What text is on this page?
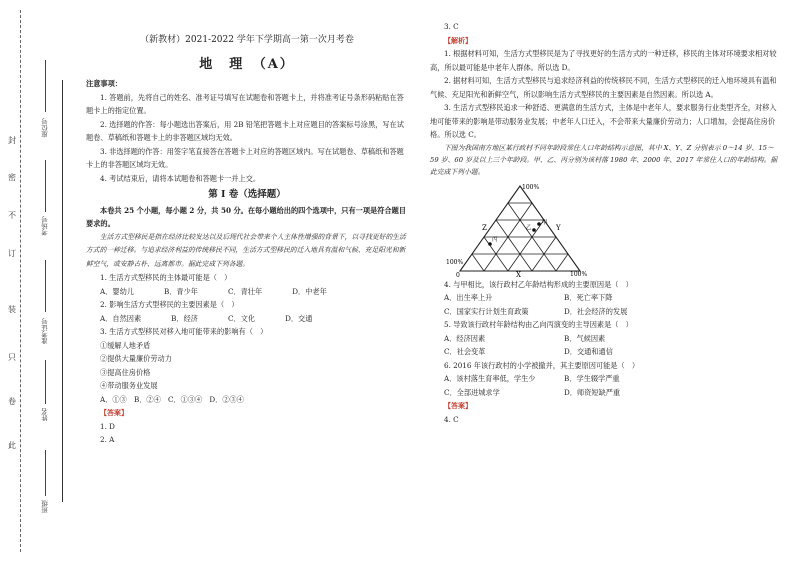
封
密
不
订
装
只
卷
此
座位号
考场号
准考证号
姓名
班级
（新教材）2021-2022 学年下学期高一第一次月考卷
地　理　（A）
注意事项：
1. 答题前，先将自己的姓名、准考证号填写在试题卷和答题卡上，并将准考证号条形码粘贴在答题卡上的指定位置。
2. 选择题的作答：每小题选出答案后，用 2B 铅笔把答题卡上对应题目的答案标号涂黑，写在试题卷、草稿纸和答题卡上的非答题区域均无效。
3. 非选择题的作答：用签字笔直接答在答题卡上对应的答题区域内。写在试题卷、草稿纸和答题卡上的非答题区域均无效。
4. 考试结束后，请将本试题卷和答题卡一并上交。
第 Ⅰ 卷（选择题）
本卷共 25 个小题，每小题 2 分，共 50 分。在每小题给出的四个选项中，只有一项是符合题目要求的。
生活方式型移民是指在经济比较发达以及后现代社会带来个人主体性增强的背景下，以寻找更好的生活方式的一种迁移。与追求经济利益的传统移民不同，生活方式型移民的迁入地具有温和气候、充足阳光和新鲜空气，或安静古朴、远离都市。据此完成下列各题。
1. 生活方式型移民的主体最可能是（　）
A．婴幼儿	B．青少年	C．青壮年	D．中老年
2. 影响生活方式型移民的主要因素是（　）
A．自然因素	B．经济	C．文化	D．交通
3. 生活方式型移民对移入地可能带来的影响有（　）
①缓解人地矛盾
②提供大量廉价劳动力
③提高住房价格
④带动服务业发展
A．①③　B．②④　C．①③④　D．②③④
【答案】
1. D
2. A
3. C
【解析】
1. 根据材料可知，生活方式型移民是为了寻找更好的生活方式的一种迁移，移民的主体对环境要求相对较高，所以最可能是中老年人群体。所以选 D。
2. 据材料可知，生活方式型移民与追求经济利益的传统移民不同，生活方式型移民的迁入地环境具有温和气候、充足阳光和新鲜空气，所以影响生活方式型移民的主要因素是自然因素。所以选 A。
3. 生活方式型移民追求一种舒适、更满意的生活方式，主体是中老年人，要求服务行业类型齐全，对移入地可能带来的影响是带动服务业发展；中老年人口迁入，不会带来大量廉价劳动力；人口增加，会提高住房价格。所以选 C。
下图为我国南方地区某行政村不同年龄段常住人口年龄结构示意图，其中 X、Y、Z 分别表示 0～14 岁、15～59 岁、60 岁及以上三个年龄段。甲、乙、丙分别为该村落 1980 年、2000 年、2017 年常住人口的年龄结构。据此完成下列小题。
100%
100%
100%
0	X
Y
Z
甲
乙
丙
4. 与甲相比，该行政村乙年龄结构形成的主要原因是（　）
A．出生率上升	B．死亡率下降
C．国家实行计划生育政策	D．社会经济的发展
5. 导致该行政村年龄结构由乙向丙演变的主导因素是（　）
A．经济因素	B．气候因素
C．社会变革	D．交通和通信
6. 2016 年该行政村的小学被撤并，其主要原因可能是（　）
A．该村落生育率低，学生少	B．学生辍学严重
C．全部进城求学	D．师资短缺严重
【答案】
4. C
